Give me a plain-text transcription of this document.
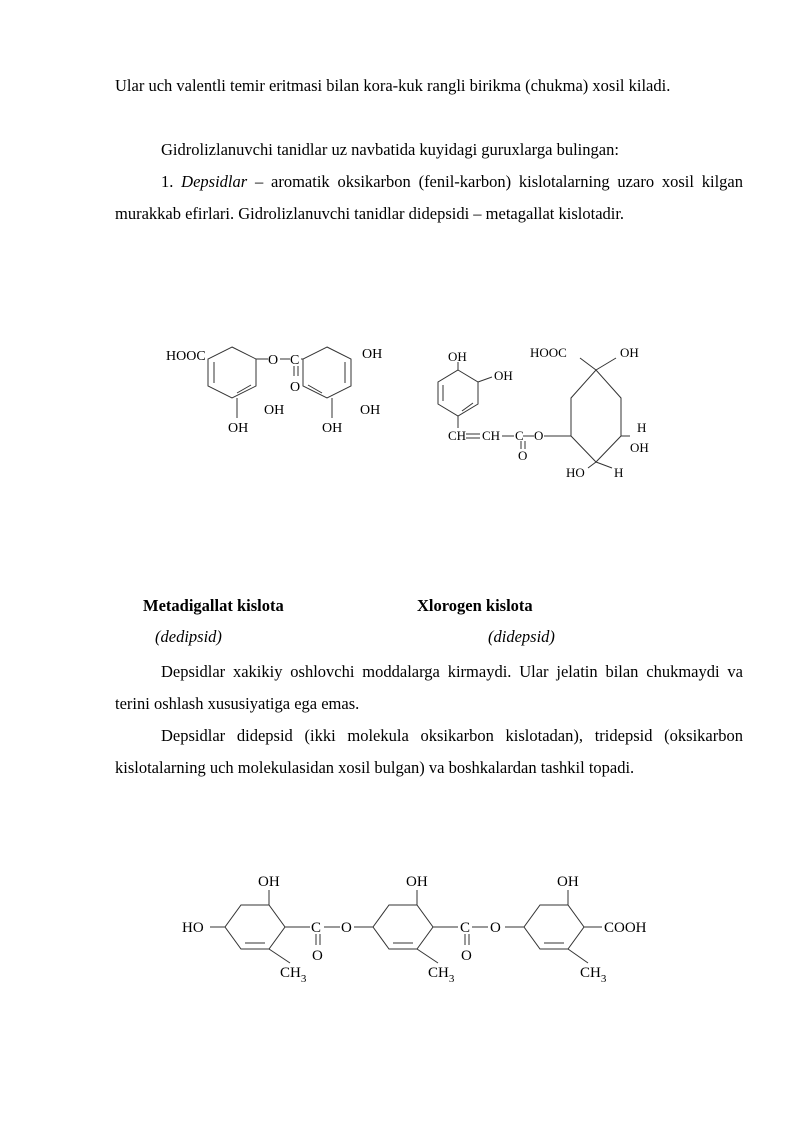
Ular uch valentli temir eritmasi bilan kora-kuk rangli birikma (chukma) xosil kiladi.

Gidrolizlanuvchi tanidlar uz navbatida kuyidagi guruxlarga bulingan:

1. Depsidlar – aromatik oksikarbon (fenil-karbon) kislotalarning uzaro xosil kilgan murakkab efirlari. Gidrolizlanuvchi tanidlar didepsidi – metagallat kislotadir.

HOOC	O C
O
OH
OH
OH	OH
OH
OH
OH
CH CH C O
O
HOOC	OH
H
OH
HO H
HO
OH	OH	OH
C O
O
C O
O
COOH
$CH_3$	$CH_3$	$CH_3$

Metadigallat kislota	Xlorogen kislota

(dedipsid)	(didepsid)

Depsidlar xakikiy oshlovchi moddalarga kirmaydi. Ular jelatin bilan chukmaydi va terini oshlash xususiyatiga ega emas.

Depsidlar didepsid (ikki molekula oksikarbon kislotadan), tridepsid (oksikarbon kislotalarning uch molekulasidan xosil bulgan) va boshkalardan tashkil topadi.
